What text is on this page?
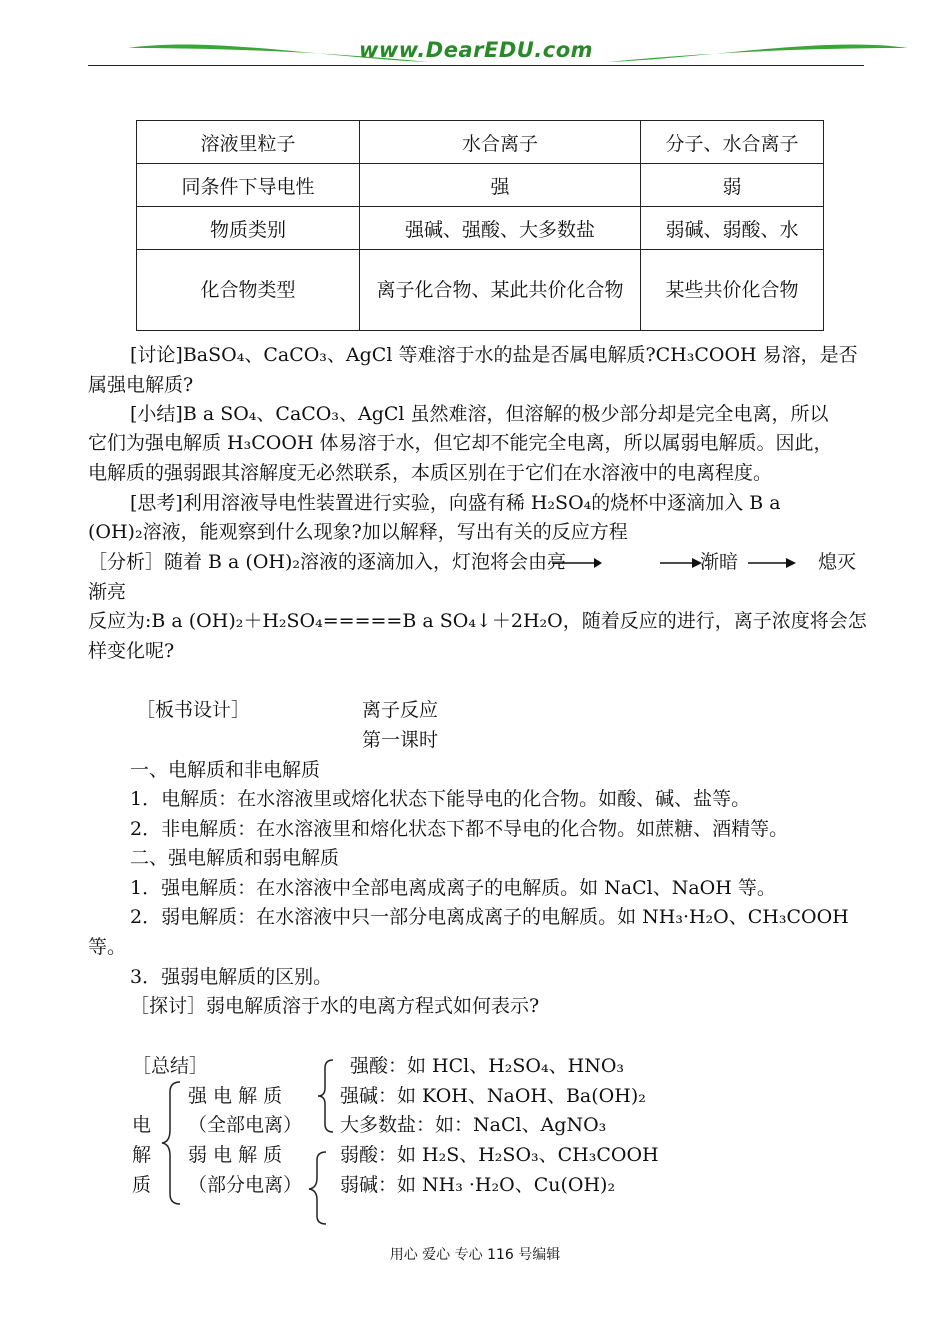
www.DearEDU.com
溶液里粒子	水合离子	分子、水合离子
同条件下导电性	强	弱
物质类别	强碱、强酸、大多数盐	弱碱、弱酸、水
化合物类型	离子化合物、某此共价化合物	某些共价化合物
[讨论]BaSO₄、CaCO₃、AgCl 等难溶于水的盐是否属电解质?CH₃COOH 易溶，是否
属强电解质?
[小结]B a SO₄、CaCO₃、AgCl 虽然难溶，但溶解的极少部分却是完全电离，所以
它们为强电解质 H₃COOH 体易溶于水，但它却不能完全电离，所以属弱电解质。因此，
电解质的强弱跟其溶解度无必然联系，本质区别在于它们在水溶液中的电离程度。
[思考]利用溶液导电性装置进行实验，向盛有稀 H₂SO₄的烧杯中逐滴加入 B a
(OH)₂溶液，能观察到什么现象?加以解释，写出有关的反应方程
［分析］随着 B a (OH)₂溶液的逐滴加入，灯泡将会由亮	渐暗	熄灭
渐亮
反应为:B a (OH)₂＋H₂SO₄=====B a SO₄↓＋2H₂O，随着反应的进行，离子浓度将会怎
样变化呢?
［板书设计］	离子反应
第一课时
一、电解质和非电解质
1．电解质：在水溶液里或熔化状态下能导电的化合物。如酸、碱、盐等。
2．非电解质：在水溶液里和熔化状态下都不导电的化合物。如蔗糖、酒精等。
二、强电解质和弱电解质
1．强电解质：在水溶液中全部电离成离子的电解质。如 NaCl、NaOH 等。
2．弱电解质：在水溶液中只一部分电离成离子的电解质。如 NH₃·H₂O、CH₃COOH
等。
3．强弱电解质的区别。
［探讨］弱电解质溶于水的电离方程式如何表示?
［总结］
电
解
质
强 电 解 质
（全部电离）
弱 电 解 质
（部分电离）
强酸：如 HCl、H₂SO₄、HNO₃
强碱：如 KOH、NaOH、Ba(OH)₂
大多数盐：如：NaCl、AgNO₃
弱酸：如 H₂S、H₂SO₃、CH₃COOH
弱碱：如 NH₃ ·H₂O、Cu(OH)₂
用心 爱心 专心 116 号编辑
